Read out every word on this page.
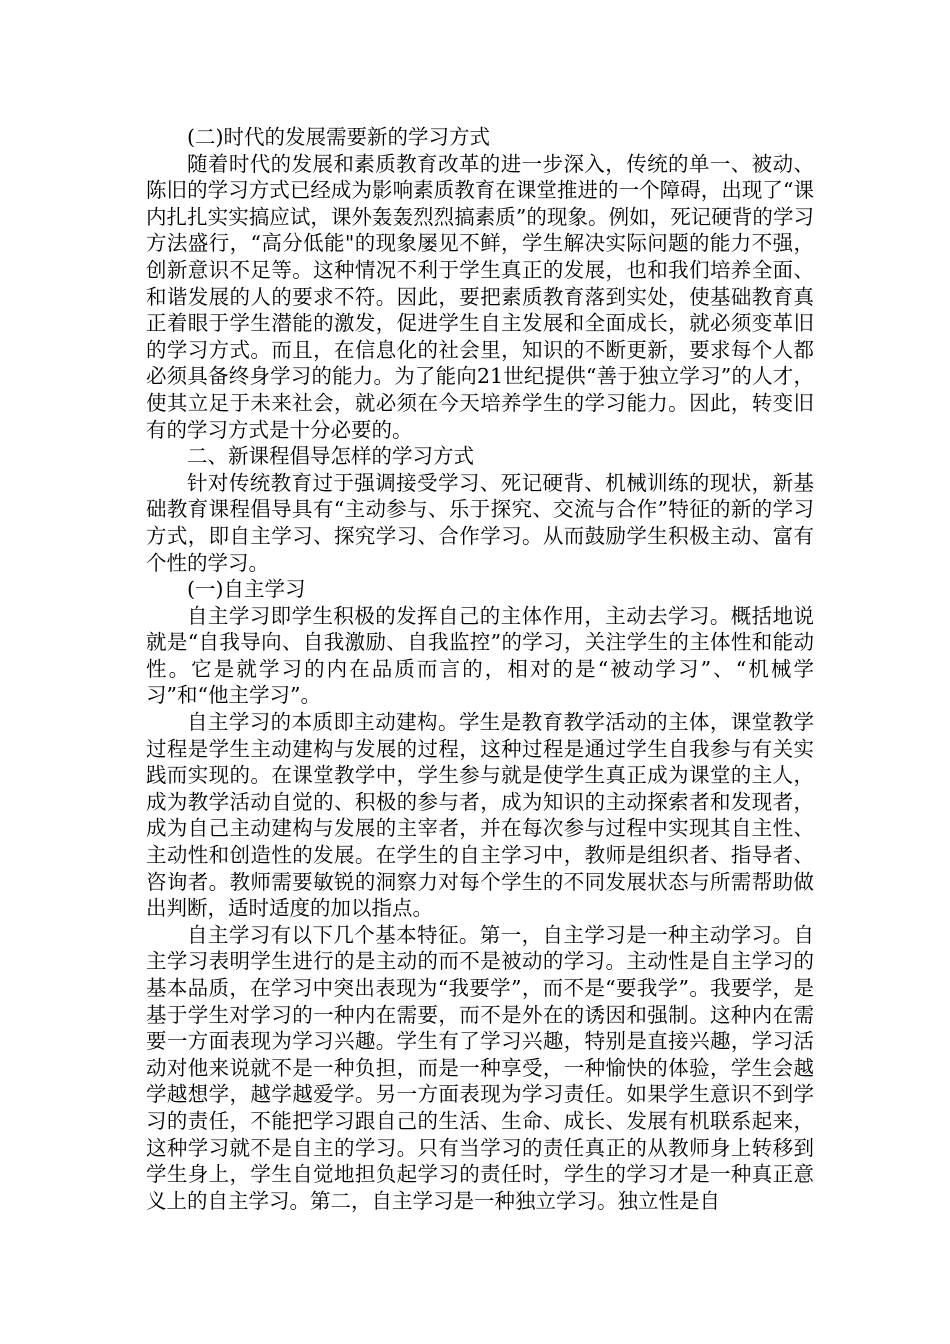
(二)时代的发展需要新的学习方式

随着时代的发展和素质教育改革的进一步深入，传统的单一、被动、陈旧的学习方式已经成为影响素质教育在课堂推进的一个障碍，出现了“课内扎扎实实搞应试，课外轰轰烈烈搞素质”的现象。例如，死记硬背的学习方法盛行，“高分低能"的现象屡见不鲜，学生解决实际问题的能力不强，创新意识不足等。这种情况不利于学生真正的发展，也和我们培养全面、和谐发展的人的要求不符。因此，要把素质教育落到实处，使基础教育真正着眼于学生潜能的激发，促进学生自主发展和全面成长，就必须变革旧的学习方式。而且，在信息化的社会里，知识的不断更新，要求每个人都必须具备终身学习的能力。为了能向21世纪提供“善于独立学习”的人才，使其立足于未来社会，就必须在今天培养学生的学习能力。因此，转变旧有的学习方式是十分必要的。

二、新课程倡导怎样的学习方式

针对传统教育过于强调接受学习、死记硬背、机械训练的现状，新基础教育课程倡导具有“主动参与、乐于探究、交流与合作”特征的新的学习方式，即自主学习、探究学习、合作学习。从而鼓励学生积极主动、富有个性的学习。

(一)自主学习

自主学习即学生积极的发挥自己的主体作用，主动去学习。概括地说就是“自我导向、自我激励、自我监控”的学习，关注学生的主体性和能动性。它是就学习的内在品质而言的，相对的是“被动学习”、“机械学习”和“他主学习”。

自主学习的本质即主动建构。学生是教育教学活动的主体，课堂教学过程是学生主动建构与发展的过程，这种过程是通过学生自我参与有关实践而实现的。在课堂教学中，学生参与就是使学生真正成为课堂的主人，成为教学活动自觉的、积极的参与者，成为知识的主动探索者和发现者，成为自己主动建构与发展的主宰者，并在每次参与过程中实现其自主性、主动性和创造性的发展。在学生的自主学习中，教师是组织者、指导者、咨询者。教师需要敏锐的洞察力对每个学生的不同发展状态与所需帮助做出判断，适时适度的加以指点。

自主学习有以下几个基本特征。第一，自主学习是一种主动学习。自主学习表明学生进行的是主动的而不是被动的学习。主动性是自主学习的基本品质，在学习中突出表现为“我要学”，而不是“要我学”。我要学，是基于学生对学习的一种内在需要，而不是外在的诱因和强制。这种内在需要一方面表现为学习兴趣。学生有了学习兴趣，特别是直接兴趣，学习活动对他来说就不是一种负担，而是一种享受，一种愉快的体验，学生会越学越想学，越学越爱学。另一方面表现为学习责任。如果学生意识不到学习的责任，不能把学习跟自己的生活、生命、成长、发展有机联系起来，这种学习就不是自主的学习。只有当学习的责任真正的从教师身上转移到学生身上，学生自觉地担负起学习的责任时，学生的学习才是一种真正意义上的自主学习。第二，自主学习是一种独立学习。独立性是自
